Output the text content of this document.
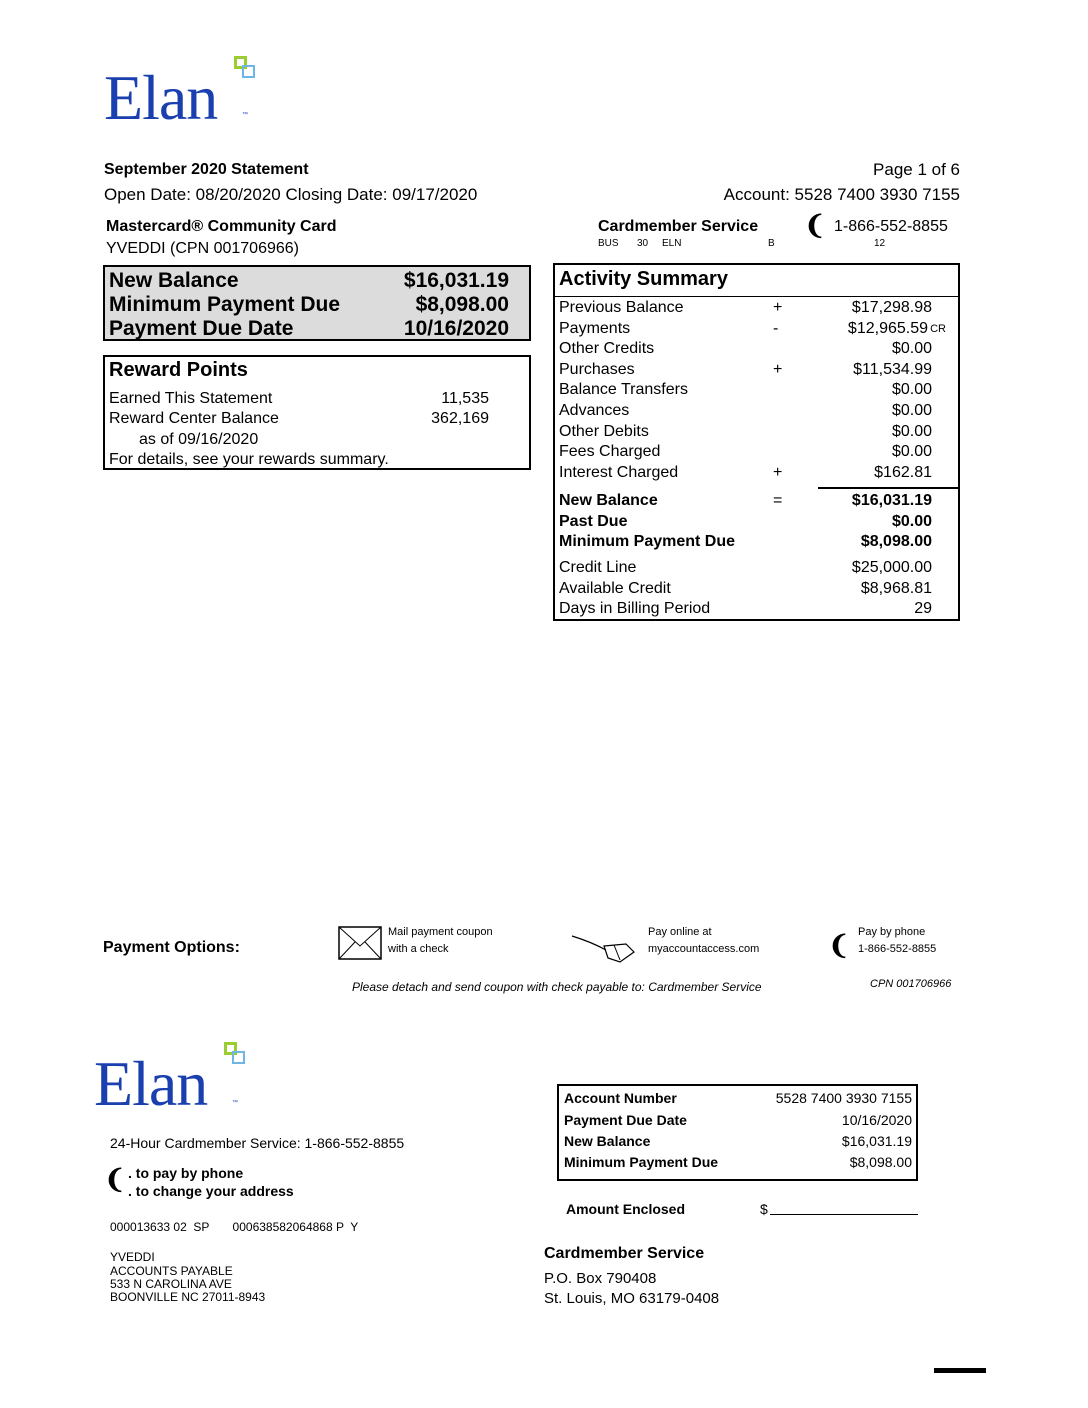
Elan	™
September 2020 Statement	Page 1 of 6
Open Date: 08/20/2020 Closing Date: 09/17/2020	Account: 5528 7400 3930 7155
Mastercard® Community Card
YVEDDI (CPN 001706966)
Cardmember Service ❨ 1-866-552-8855
BUS 30 ELN	B	12
New Balance	$16,031.19
Minimum Payment Due	$8,098.00
Payment Due Date	10/16/2020
Reward Points
Earned This Statement	11,535
Reward Center Balance	362,169
as of 09/16/2020
For details, see your rewards summary.
Activity Summary
Previous Balance	+	$17,298.98
Payments	-	$12,965.59 CR
Other Credits	$0.00
Purchases	+	$11,534.99
Balance Transfers	$0.00
Advances	$0.00
Other Debits	$0.00
Fees Charged	$0.00
Interest Charged	+	$162.81
New Balance	=	$16,031.19
Past Due	$0.00
Minimum Payment Due	$8,098.00
Credit Line	$25,000.00
Available Credit	$8,968.81
Days in Billing Period	29
Payment Options:
Mail payment coupon
with a check
Pay online at
myaccountaccess.com	❨ Pay by phone
1-866-552-8855
Please detach and send coupon with check payable to: Cardmember Service	CPN 001706966
Elan	™
24-Hour Cardmember Service: 1-866-552-8855
❨ . to pay by phone
. to change your address
000013633 02  SP       000638582064868 P  Y
YVEDDI
ACCOUNTS PAYABLE
533 N CAROLINA AVE
BOONVILLE NC 27011-8943
Account Number	5528 7400 3930 7155
Payment Due Date	10/16/2020
New Balance	$16,031.19
Minimum Payment Due	$8,098.00
Amount Enclosed	$
Cardmember Service
P.O. Box 790408
St. Louis, MO 63179-0408
